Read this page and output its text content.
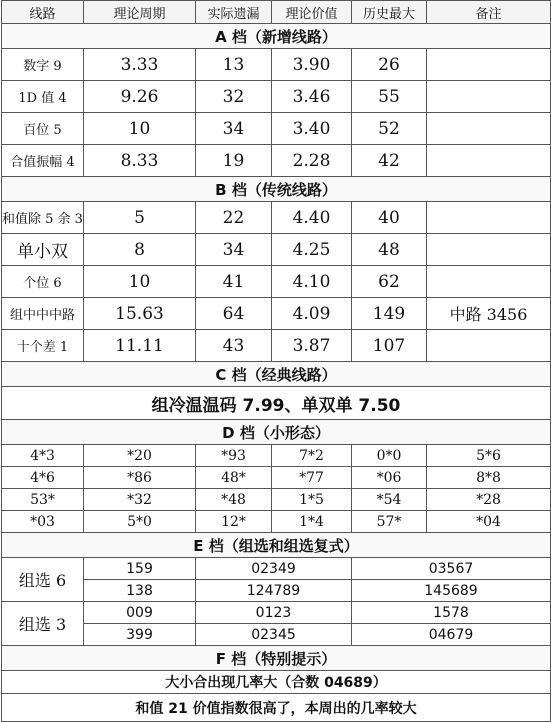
线路	理论周期	实际遗漏	理论价值	历史最大	备注
A 档（新增线路）					
数字 9	3.33	13	3.90	26	
1D 值 4	9.26	32	3.46	55	
百位 5	10	34	3.40	52	
合值振幅 4	8.33	19	2.28	42	
B 档（传统线路）					
和值除 5 余 3	5	22	4.40	40	
单小双	8	34	4.25	48	
个位 6	10	41	4.10	62	
组中中中路	15.63	64	4.09	149	中路 3456
十个差 1	11.11	43	3.87	107	
C 档（经典线路）					
组冷温温码 7.99、单双单 7.50					
D 档（小形态）					
4*3	*20	*93	7*2	0*0	5*6
4*6	*86	48*	*77	*06	8*8
53*	*32	*48	1*5	*54	*28
*03	5*0	12*	1*4	57*	*04
E 档（组选和组选复式）					
组选 6	159	02349		03567	
	138	124789		145689	
组选 3	009	0123		1578	
	399	02345		04679	
F 档（特别提示）					
大小合出现几率大（合数 04689）					
和值 21 价值指数很高了，本周出的几率较大					
